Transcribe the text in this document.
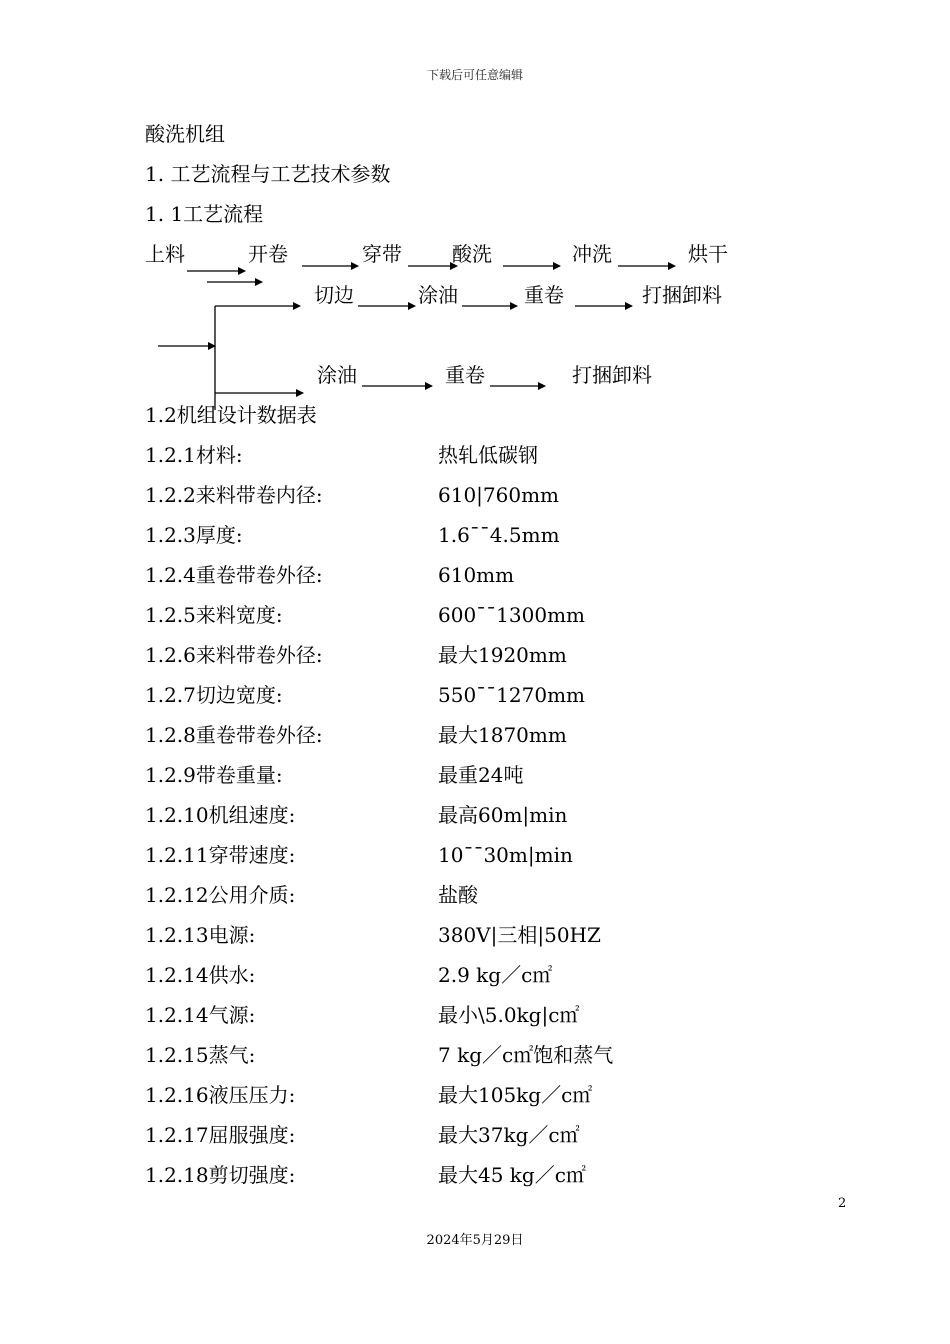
下载后可任意编辑
酸洗机组
1. 工艺流程与工艺技术参数
1. 1工艺流程
上料	开卷	穿带	酸洗	冲洗	烘干
切边	涂油	重卷	打捆卸料
涂油	重卷	打捆卸料
1.2机组设计数据表
1.2.1材料:	热轧低碳钢
1.2.2来料带卷内径:	610|760mm
1.2.3厚度:	1.6¯¯4.5mm
1.2.4重卷带卷外径:	610mm
1.2.5来料宽度:	600¯¯1300mm
1.2.6来料带卷外径:	最大1920mm
1.2.7切边宽度:	550¯¯1270mm
1.2.8重卷带卷外径:	最大1870mm
1.2.9带卷重量:	最重24吨
1.2.10机组速度:	最高60m|min
1.2.11穿带速度:	10¯¯30m|min
1.2.12公用介质:	盐酸
1.2.13电源:	380V|三相|50HZ
1.2.14供水:	2.9 kg／c㎡
1.2.14气源:	最小\5.0kg|c㎡
1.2.15蒸气:	7 kg／c㎡饱和蒸气
1.2.16液压压力:	最大105kg／c㎡
1.2.17屈服强度:	最大37kg／c㎡
1.2.18剪切强度:	最大45 kg／c㎡
2
2024年5月29日
